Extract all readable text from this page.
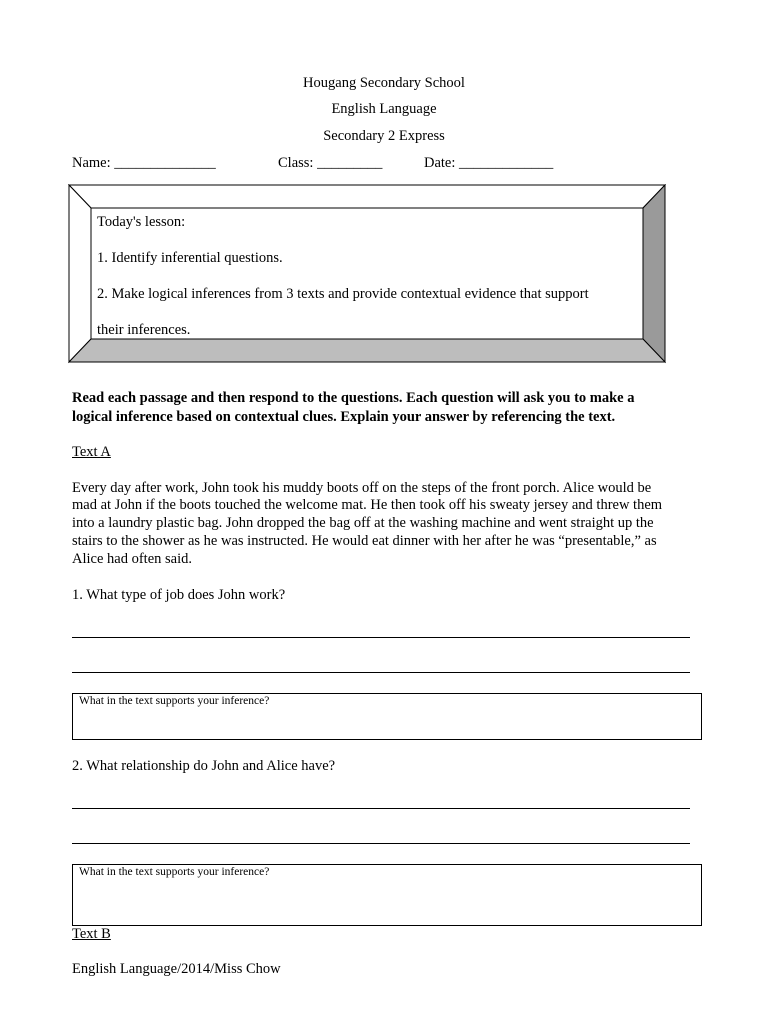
Hougang Secondary School
English Language
Secondary 2 Express
Name: ______________	Class: _________	Date: _____________
Today's lesson:
1. Identify inferential questions.
2. Make logical inferences from 3 texts and provide contextual evidence that support
their inferences.
Read each passage and then respond to the questions. Each question will ask you to make a
logical inference based on contextual clues. Explain your answer by referencing the text.
Text A
Every day after work, John took his muddy boots off on the steps of the front porch. Alice would be
mad at John if the boots touched the welcome mat. He then took off his sweaty jersey and threw them
into a laundry plastic bag. John dropped the bag off at the washing machine and went straight up the
stairs to the shower as he was instructed. He would eat dinner with her after he was “presentable,” as
Alice had often said.
1. What type of job does John work?
What in the text supports your inference?
2. What relationship do John and Alice have?
What in the text supports your inference?
Text B
English Language/2014/Miss Chow
